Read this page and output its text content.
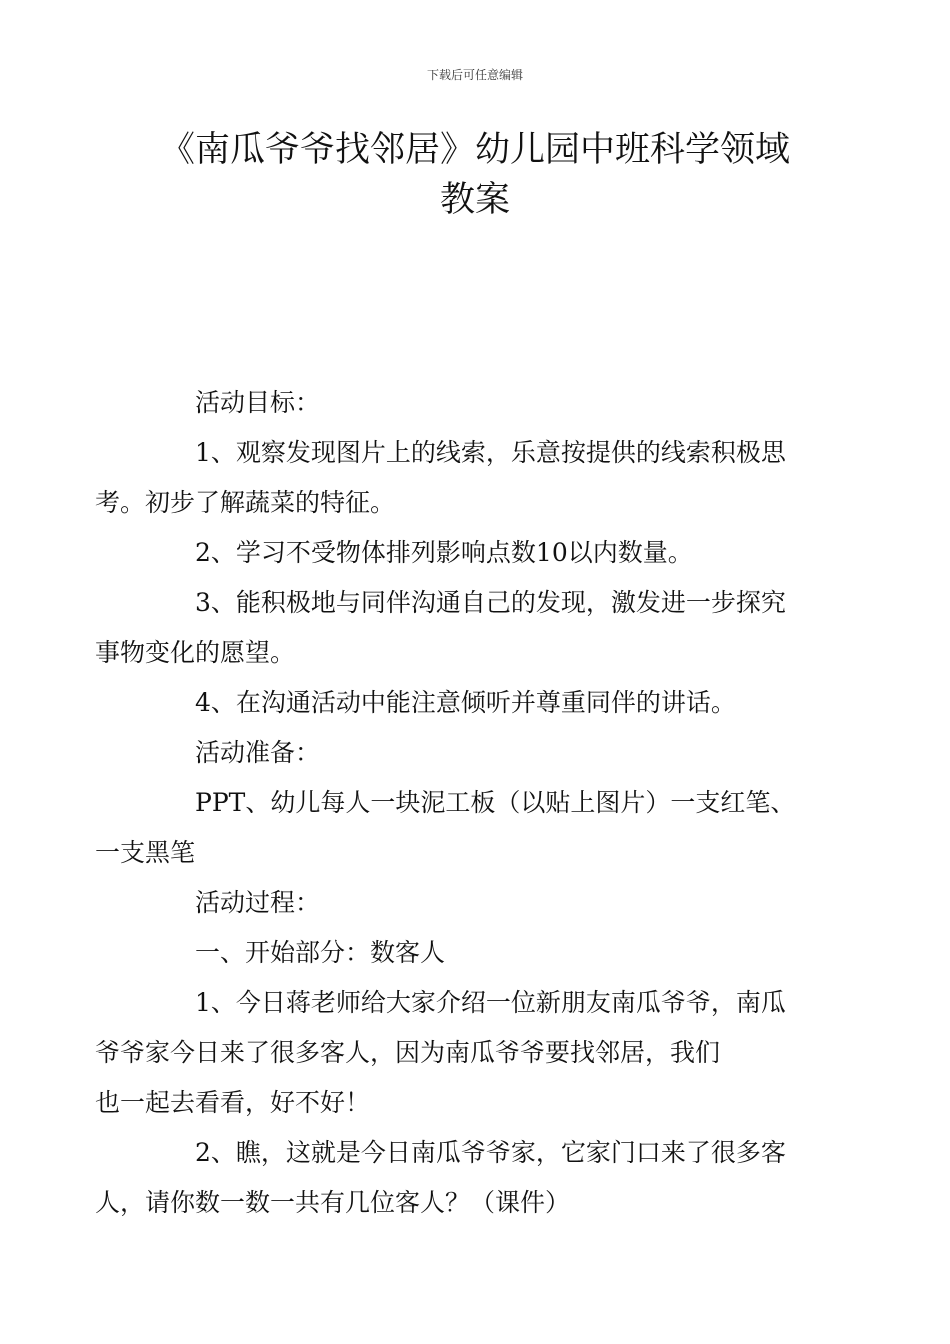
下载后可任意编辑
《南瓜爷爷找邻居》幼儿园中班科学领域
教案

活动目标：

1、观察发现图片上的线索，乐意按提供的线索积极思
考。初步了解蔬菜的特征。

2、学习不受物体排列影响点数10以内数量。

3、能积极地与同伴沟通自己的发现，激发进一步探究
事物变化的愿望。

4、在沟通活动中能注意倾听并尊重同伴的讲话。

活动准备：

PPT、幼儿每人一块泥工板（以贴上图片）一支红笔、
一支黑笔

活动过程：

一、开始部分：数客人

1、今日蒋老师给大家介绍一位新朋友南瓜爷爷，南瓜
爷爷家今日来了很多客人，因为南瓜爷爷要找邻居，我们
也一起去看看，好不好！

2、瞧，这就是今日南瓜爷爷家，它家门口来了很多客
人，请你数一数一共有几位客人？（课件）
